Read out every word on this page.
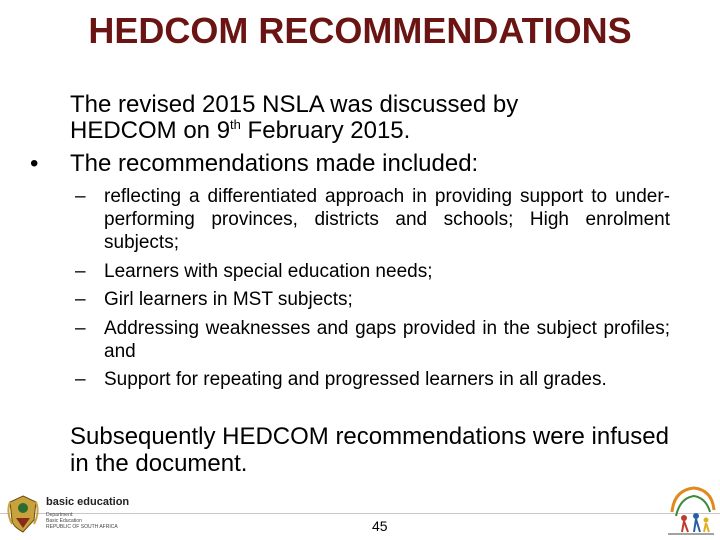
HEDCOM RECOMMENDATIONS
The revised 2015 NSLA was discussed by
HEDCOM on 9th February 2015.
•	The recommendations made included:
– reflecting a differentiated approach in providing support to under-performing provinces, districts and schools; High enrolment subjects;
– Learners with special education needs;
– Girl learners in MST subjects;
– Addressing weaknesses and gaps provided in the subject profiles; and
– Support for repeating and progressed learners in all grades.
Subsequently HEDCOM recommendations were infused in the document.
basic education
Department:
Basic Education
REPUBLIC OF SOUTH AFRICA	45
